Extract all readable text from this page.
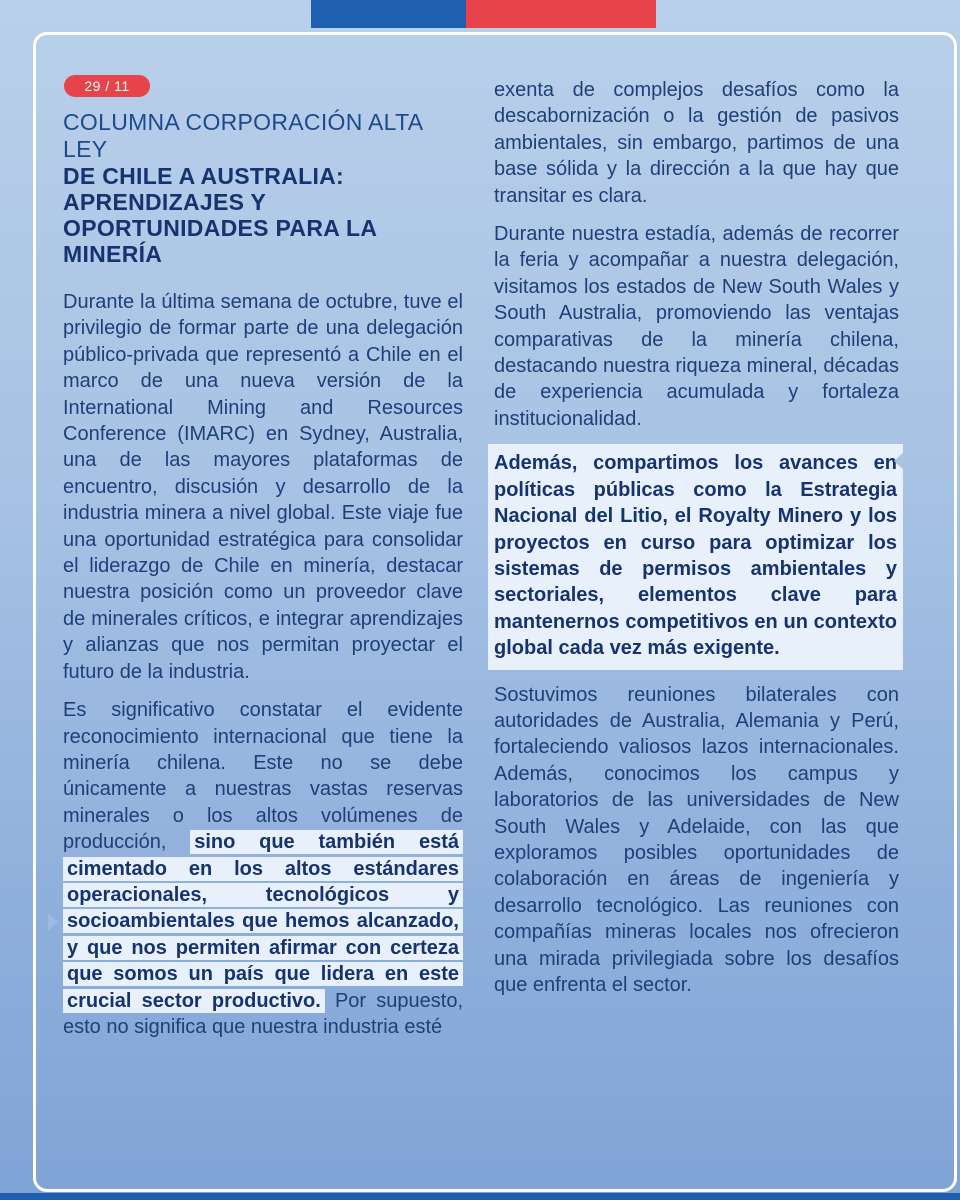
29 / 11
COLUMNA CORPORACIÓN ALTA LEY
DE CHILE A AUSTRALIA: APRENDIZAJES Y OPORTUNIDADES PARA LA MINERÍA

Durante la última semana de octubre, tuve el privilegio de formar parte de una delegación público-privada que representó a Chile en el marco de una nueva versión de la International Mining and Resources Conference (IMARC) en Sydney, Australia, una de las mayores plataformas de encuentro, discusión y desarrollo de la industria minera a nivel global. Este viaje fue una oportunidad estratégica para consolidar el liderazgo de Chile en minería, destacar nuestra posición como un proveedor clave de minerales críticos, e integrar aprendizajes y alianzas que nos permitan proyectar el futuro de la industria.

Es significativo constatar el evidente reconocimiento internacional que tiene la minería chilena. Este no se debe únicamente a nuestras vastas reservas minerales o los altos volúmenes de producción, sino que también está cimentado en los altos estándares operacionales, tecnológicos y socioambientales que hemos alcanzado, y que nos permiten afirmar con certeza que somos un país que lidera en este crucial sector productivo. Por supuesto, esto no significa que nuestra industria esté

exenta de complejos desafíos como la descabornización o la gestión de pasivos ambientales, sin embargo, partimos de una base sólida y la dirección a la que hay que transitar es clara.

Durante nuestra estadía, además de recorrer la feria y acompañar a nuestra delegación, visitamos los estados de New South Wales y South Australia, promoviendo las ventajas comparativas de la minería chilena, destacando nuestra riqueza mineral, décadas de experiencia acumulada y fortaleza institucionalidad.

Además, compartimos los avances en políticas públicas como la Estrategia Nacional del Litio, el Royalty Minero y los proyectos en curso para optimizar los sistemas de permisos ambientales y sectoriales, elementos clave para mantenernos competitivos en un contexto global cada vez más exigente.

Sostuvimos reuniones bilaterales con autoridades de Australia, Alemania y Perú, fortaleciendo valiosos lazos internacionales. Además, conocimos los campus y laboratorios de las universidades de New South Wales y Adelaide, con las que exploramos posibles oportunidades de colaboración en áreas de ingeniería y desarrollo tecnológico. Las reuniones con compañías mineras locales nos ofrecieron una mirada privilegiada sobre los desafíos que enfrenta el sector.
